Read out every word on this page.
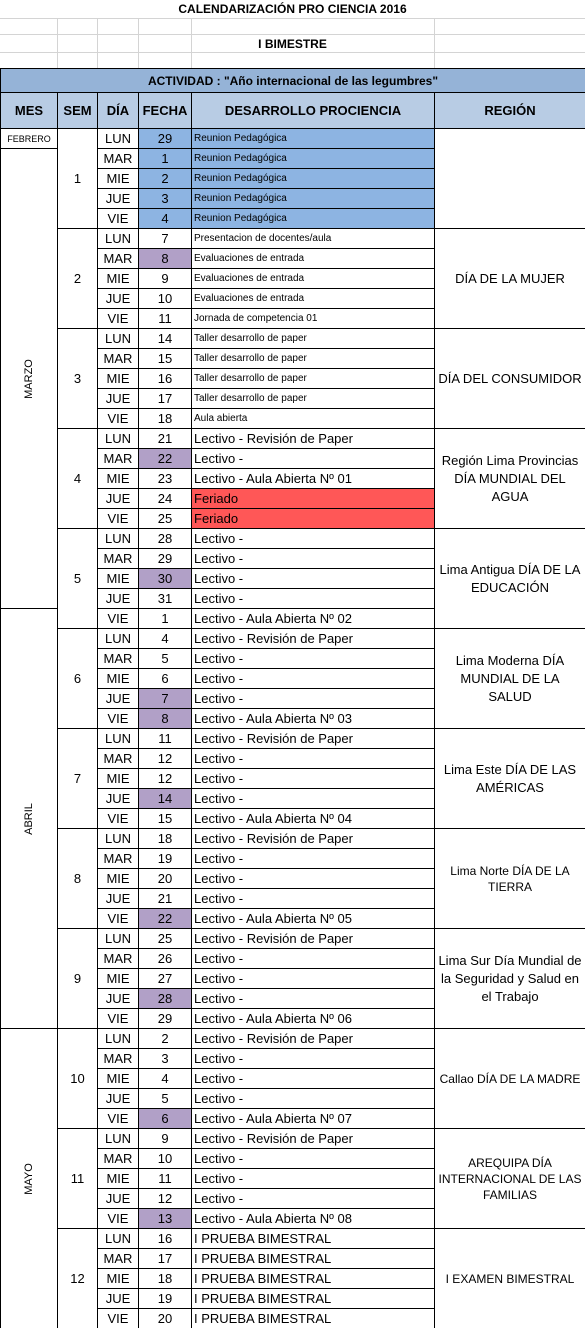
CALENDARIZACIÓN PRO CIENCIA 2016
I BIMESTRE
ACTIVIDAD : "Año internacional de las legumbres"					
MES	SEM	DÍA	FECHA	DESARROLLO PROCIENCIA	REGIÓN
FEBRERO	1	LUN	29	Reunion Pedagógica	
MARZO		MAR	1	Reunion Pedagógica	
		MIE	2	Reunion Pedagógica	
		JUE	3	Reunion Pedagógica	
		VIE	4	Reunion Pedagógica	
	2	LUN	7	Presentacion de docentes/aula	DÍA DE LA MUJER
		MAR	8	Evaluaciones de entrada	
		MIE	9	Evaluaciones de entrada	
		JUE	10	Evaluaciones de entrada	
		VIE	11	Jornada de competencia 01	
	3	LUN	14	Taller desarrollo de paper	DÍA DEL CONSUMIDOR
		MAR	15	Taller desarrollo de paper	
		MIE	16	Taller desarrollo de paper	
		JUE	17	Taller desarrollo de paper	
		VIE	18	Aula abierta	
	4	LUN	21	Lectivo - Revisión de Paper	Región Lima Provincias DÍA MUNDIAL DEL AGUA
		MAR	22	Lectivo -	
		MIE	23	Lectivo - Aula Abierta Nº 01	
		JUE	24	Feriado	
		VIE	25	Feriado	
	5	LUN	28	Lectivo -	Lima Antigua DÍA DE LA EDUCACIÓN
		MAR	29	Lectivo -	
		MIE	30	Lectivo -	
		JUE	31	Lectivo -	
ABRIL		VIE	1	Lectivo - Aula Abierta Nº 02	
	6	LUN	4	Lectivo - Revisión de Paper	Lima Moderna DÍA MUNDIAL DE LA SALUD
		MAR	5	Lectivo -	
		MIE	6	Lectivo -	
		JUE	7	Lectivo -	
		VIE	8	Lectivo - Aula Abierta Nº 03	
	7	LUN	11	Lectivo - Revisión de Paper	Lima Este DÍA DE LAS AMÉRICAS
		MAR	12	Lectivo -	
		MIE	12	Lectivo -	
		JUE	14	Lectivo -	
		VIE	15	Lectivo - Aula Abierta Nº 04	
	8	LUN	18	Lectivo - Revisión de Paper	Lima Norte DÍA DE LA TIERRA
		MAR	19	Lectivo -	
		MIE	20	Lectivo -	
		JUE	21	Lectivo -	
		VIE	22	Lectivo - Aula Abierta Nº 05	
	9	LUN	25	Lectivo - Revisión de Paper	Lima Sur Día Mundial de la Seguridad y Salud en el Trabajo
		MAR	26	Lectivo -	
		MIE	27	Lectivo -	
		JUE	28	Lectivo -	
		VIE	29	Lectivo - Aula Abierta Nº 06	
MAYO	10	LUN	2	Lectivo - Revisión de Paper	Callao DÍA DE LA MADRE
		MAR	3	Lectivo -	
		MIE	4	Lectivo -	
		JUE	5	Lectivo -	
		VIE	6	Lectivo - Aula Abierta Nº 07	
	11	LUN	9	Lectivo - Revisión de Paper	AREQUIPA DÍA INTERNACIONAL DE LAS FAMILIAS
		MAR	10	Lectivo -	
		MIE	11	Lectivo -	
		JUE	12	Lectivo -	
		VIE	13	Lectivo - Aula Abierta Nº 08	
	12	LUN	16	I PRUEBA BIMESTRAL	I EXAMEN BIMESTRAL
		MAR	17	I PRUEBA BIMESTRAL	
		MIE	18	I PRUEBA BIMESTRAL	
		JUE	19	I PRUEBA BIMESTRAL	
		VIE	20	I PRUEBA BIMESTRAL	
